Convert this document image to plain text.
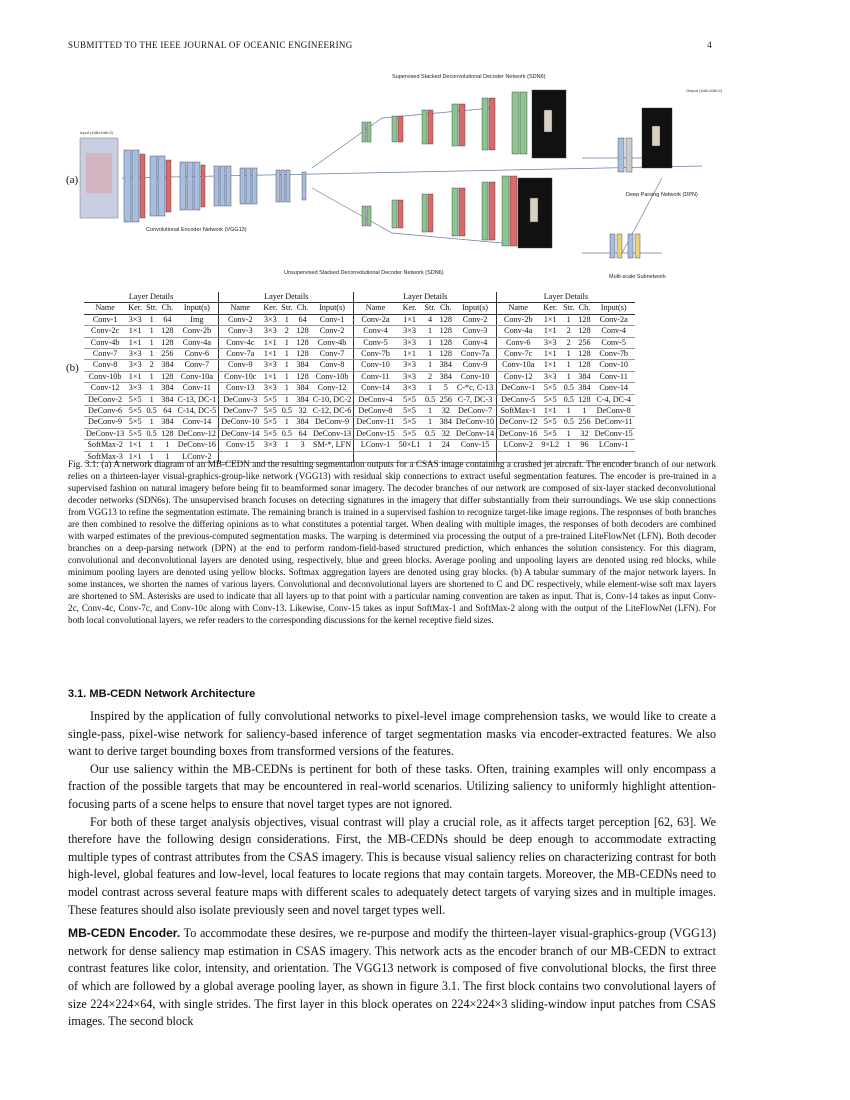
SUBMITTED TO THE IEEE JOURNAL OF OCEANIC ENGINEERING	4
(a)
Input (448×448×3)
Output (448×448×2)
Supervised Stacked Deconvolutional Decoder Network (SDN6)
Unsupervised Stacked Deconvolutional Decoder Network (SDN6)
Convolutional Encoder Network (VGG13)
Deep Parsing Network (DPN)
Multi-scale Subnetwork
(b)
Layer Details					Layer Details					Layer Details					Layer Details				
Name	Ker.	Str.	Ch.	Input(s)	Name	Ker.	Str.	Ch.	Input(s)	Name	Ker.	Str.	Ch.	Input(s)	Name	Ker.	Str.	Ch.	Input(s)
Conv-1	3×3	1	64	Img	Conv-2	3×3	1	64	Conv-1	Conv-2a	1×1	4	128	Conv-2	Conv-2b	1×1	1	128	Conv-2a
Conv-2c	1×1	1	128	Conv-2b	Conv-3	3×3	2	128	Conv-2	Conv-4	3×3	1	128	Conv-3	Conv-4a	1×1	2	128	Conv-4
Conv-4b	1×1	1	128	Conv-4a	Conv-4c	1×1	1	128	Conv-4b	Conv-5	3×3	1	128	Conv-4	Conv-6	3×3	2	256	Conv-5
Conv-7	3×3	1	256	Conv-6	Conv-7a	1×1	1	128	Conv-7	Conv-7b	1×1	1	128	Conv-7a	Conv-7c	1×1	1	128	Conv-7b
Conv-8	3×3	2	384	Conv-7	Conv-9	3×3	1	384	Conv-8	Conv-10	3×3	1	384	Conv-9	Conv-10a	1×1	1	128	Conv-10
Conv-10b	1×1	1	128	Conv-10a	Conv-10c	1×1	1	128	Conv-10b	Conv-11	3×3	2	384	Conv-10	Conv-12	3×3	1	384	Conv-11
Conv-12	3×3	1	384	Conv-11	Conv-13	3×3	1	384	Conv-12	Conv-14	3×3	1	5	C-*c, C-13	DeConv-1	5×5	0.5	384	Conv-14
DeConv-2	5×5	1	384	C-13, DC-1	DeConv-3	5×5	1	384	C-10, DC-2	DeConv-4	5×5	0.5	256	C-7, DC-3	DeConv-5	5×5	0.5	128	C-4, DC-4
DeConv-6	5×5	0.5	64	C-14, DC-5	DeConv-7	5×5	0.5	32	C-12, DC-6	DeConv-8	5×5	1	32	DeConv-7	SoftMax-1	1×1	1	1	DeConv-8
DeConv-9	5×5	1	384	Conv-14	DeConv-10	5×5	1	384	DeConv-9	DeConv-11	5×5	1	384	DeConv-10	DeConv-12	5×5	0.5	256	DeConv-11
DeConv-13	5×5	0.5	128	DeConv-12	DeConv-14	5×5	0.5	64	DeConv-13	DeConv-15	5×5	0.5	32	DeConv-14	DeConv-16	5×5	1	32	DeConv-15
SoftMax-2	1×1	1	1	DeConv-16	Conv-15	3×3	1	3	SM-*, LFN	LConv-1	50×L1	1	24	Conv-15	LConv-2	9×L2	1	96	LConv-1
SoftMax-3	1×1	1	1	LConv-2															
Fig. 3.1: (a) A network diagram of an MB-CEDN and the resulting segmentation outputs for a CSAS image containing a crashed jet aircraft. The encoder branch of our network relies on a thirteen-layer visual-graphics-group-like network (VGG13) with residual skip connections to extract useful segmentation features. The encoder is pre-trained in a supervised fashion on natural imagery before being fit to beamformed sonar imagery. The decoder branches of our network are composed of six-layer stacked deconvolutional decoder networks (SDN6s). The unsupervised branch focuses on detecting signatures in the imagery that differ substantially from their surroundings. We use skip connections from VGG13 to refine the segmentation estimate. The remaining branch is trained in a supervised fashion to recognize target-like image regions. The responses of both branches are then combined to resolve the differing opinions as to what constitutes a potential target. When dealing with multiple images, the responses of both decoders are combined with warped estimates of the previous-computed segmentation masks. The warping is determined via processing the output of a pre-trained LiteFlowNet (LFN). Both decoder branches on a deep-parsing network (DPN) at the end to perform random-field-based structured prediction, which enhances the solution consistency. For this diagram, convolutional and deconvolutional layers are denoted using, respectively, blue and green blocks. Average pooling and unpooling layers are denoted using red blocks, while minimum pooling layers are denoted using yellow blocks. Softmax aggregation layers are denoted using gray blocks. (b) A tabular summary of the major network layers. In some instances, we shorten the names of various layers. Convolutional and deconvolutional layers are shortened to C and DC respectively, while element-wise soft max layers are shortened to SM. Asterisks are used to indicate that all layers up to that point with a particular naming convention are taken as input. That is, Conv-14 takes as input Conv-2c, Conv-4c, Conv-7c, and Conv-10c along with Conv-13. Likewise, Conv-15 takes as input SoftMax-1 and SoftMax-2 along with the output of the LiteFlowNet (LFN). For both local convolutional layers, we refer readers to the corresponding discussions for the kernel receptive field sizes.
3.1. MB-CEDN Network Architecture

Inspired by the application of fully convolutional networks to pixel-level image comprehension tasks, we would like to create a single-pass, pixel-wise network for saliency-based inference of target segmentation masks via encoder-extracted features. We also want to derive target bounding boxes from transformed versions of the features.

Our use saliency within the MB-CEDNs is pertinent for both of these tasks. Often, training examples will only encompass a fraction of the possible targets that may be encountered in real-world scenarios. Utilizing saliency to uniformly highlight attention-focusing parts of a scene helps to ensure that novel target types are not ignored.

For both of these target analysis objectives, visual contrast will play a crucial role, as it affects target perception [62, 63]. We therefore have the following design considerations. First, the MB-CEDNs should be deep enough to accommodate extracting multiple types of contrast attributes from the CSAS imagery. This is because visual saliency relies on characterizing contrast for both high-level, global features and low-level, local features to locate regions that may contain targets. Moreover, the MB-CEDNs need to model contrast across several feature maps with different scales to adequately detect targets of varying sizes and in multiple images. These features should also isolate previously seen and novel target types well.

MB-CEDN Encoder. To accommodate these desires, we re-purpose and modify the thirteen-layer visual-graphics-group (VGG13) network for dense saliency map estimation in CSAS imagery. This network acts as the encoder branch of our MB-CEDN to extract contrast features like color, intensity, and orientation. The VGG13 network is composed of five convolutional blocks, the first three of which are followed by a global average pooling layer, as shown in figure 3.1. The first block contains two convolutional layers of size 224×224×64, with single strides. The first layer in this block operates on 224×224×3 sliding-window input patches from CSAS images. The second block
